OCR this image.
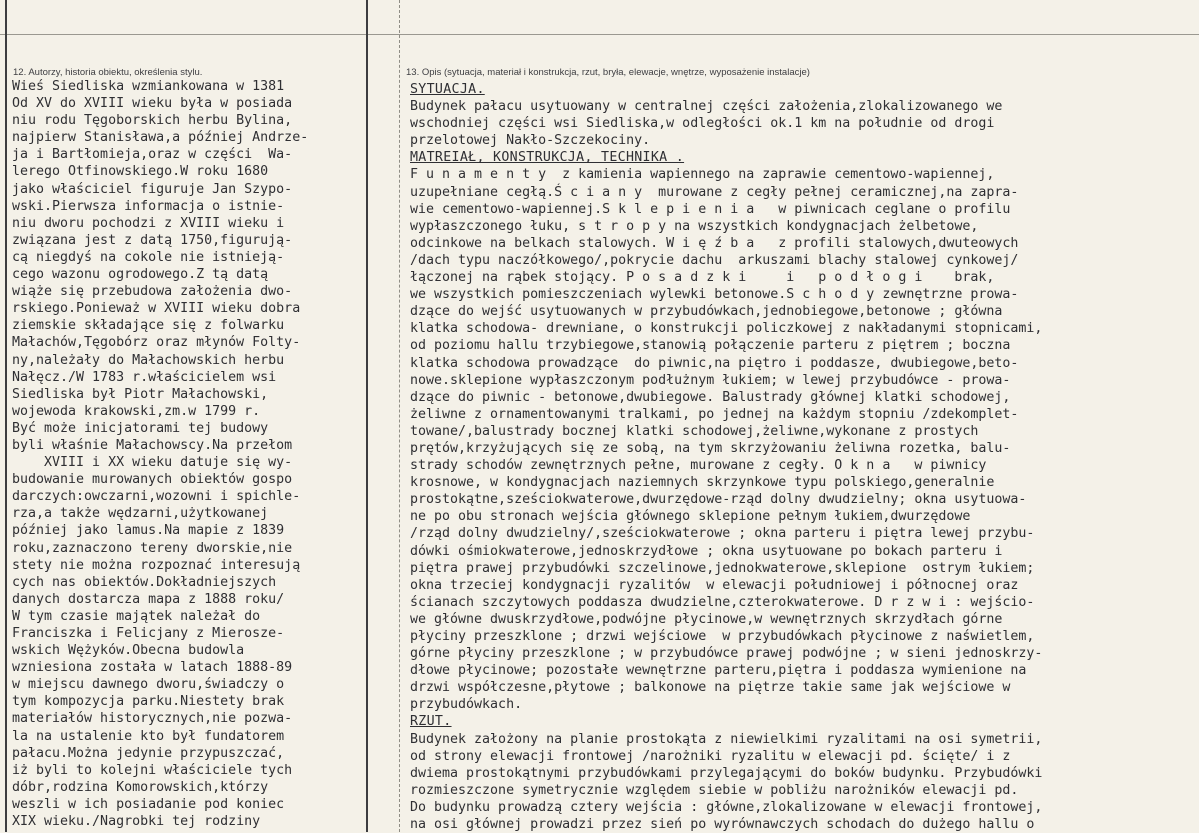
12. Autorzy, historia obiektu, określenia stylu.	13. Opis (sytuacja, materiał i konstrukcja, rzut, bryła, elewacje, wnętrze, wyposażenie instalacje)

Wieś Siedliska wzmiankowana w 1381
Od XV do XVIII wieku była w posiada
niu rodu Tęgoborskich herbu Bylina,
najpierw Stanisława,a później Andrze-
ja i Bartłomieja,oraz w części  Wa-
lerego Otfinowskiego.W roku 1680
jako właściciel figuruje Jan Szypo-
wski.Pierwsza informacja o istnie-
niu dworu pochodzi z XVIII wieku i
związana jest z datą 1750,figurują-
cą niegdyś na cokole nie istnieją-
cego wazonu ogrodowego.Z tą datą
wiąże się przebudowa założenia dwo-
rskiego.Ponieważ w XVIII wieku dobra
ziemskie składające się z folwarku
Małachów,Tęgobórz oraz młynów Folty-
ny,należały do Małachowskich herbu
Nałęcz./W 1783 r.właścicielem wsi
Siedliska był Piotr Małachowski,
wojewoda krakowski,zm.w 1799 r.
Być może inicjatorami tej budowy
byli właśnie Małachowscy.Na przełom
XVIII i XX wieku datuje się wy-
budowanie murowanych obiektów gospo
darczych:owczarni,wozowni i spichle-
rza,a także wędzarni,użytkowanej
później jako lamus.Na mapie z 1839
roku,zaznaczono tereny dworskie,nie
stety nie można rozpoznać interesują
cych nas obiektów.Dokładniejszych
danych dostarcza mapa z 1888 roku/
W tym czasie majątek należał do
Franciszka i Felicjany z Mierosze-
wskich Wężyków.Obecna budowla
wzniesiona została w latach 1888-89
w miejscu dawnego dworu,świadczy o
tym kompozycja parku.Niestety brak
materiałów historycznych,nie pozwa-
la na ustalenie kto był fundatorem
pałacu.Można jedynie przypuszczać,
iż byli to kolejni właściciele tych
dóbr,rodzina Komorowskich,którzy
weszli w ich posiadanie pod koniec
XIX wieku./Nagrobki tej rodziny
SYTUACJA.
Budynek pałacu usytuowany w centralnej części założenia,zlokalizowanego we
wschodniej części wsi Siedliska,w odległości ok.1 km na południe od drogi
przelotowej Nakło-Szczekociny.
MATREIAŁ, KONSTRUKCJA, TECHNIKA .
F u n a m e n t y  z kamienia wapiennego na zaprawie cementowo-wapiennej,
uzupełniane cegłą.Ś c i a n y  murowane z cegły pełnej ceramicznej,na zapra-
wie cementowo-wapiennej.S k l e p i e n i a   w piwnicach ceglane o profilu
wypłaszczonego łuku, s t r o p y na wszystkich kondygnacjach żelbetowe,
odcinkowe na belkach stalowych. W i ę ź b a   z profili stalowych,dwuteowych
/dach typu naczółkowego/,pokrycie dachu  arkuszami blachy stalowej cynkowej/
łączonej na rąbek stojący. P o s a d z k i     i   p o d ł o g i    brak,
we wszystkich pomieszczeniach wylewki betonowe.S c h o d y zewnętrzne prowa-
dzące do wejść usytuowanych w przybudówkach,jednobiegowe,betonowe ; główna
klatka schodowa- drewniane, o konstrukcji policzkowej z nakładanymi stopnicami,
od poziomu hallu trzybiegowe,stanowią połączenie parteru z piętrem ; boczna
klatka schodowa prowadzące  do piwnic,na piętro i poddasze, dwubiegowe,beto-
nowe.sklepione wypłaszczonym podłużnym łukiem; w lewej przybudówce - prowa-
dzące do piwnic - betonowe,dwubiegowe. Balustrady głównej klatki schodowej,
żeliwne z ornamentowanymi tralkami, po jednej na każdym stopniu /zdekomplet-
towane/,balustrady bocznej klatki schodowej,żeliwne,wykonane z prostych
prętów,krzyżujących się ze sobą, na tym skrzyżowaniu żeliwna rozetka, balu-
strady schodów zewnętrznych pełne, murowane z cegły. O k n a   w piwnicy
krosnowe, w kondygnacjach naziemnych skrzynkowe typu polskiego,generalnie
prostokątne,sześciokwaterowe,dwurzędowe-rząd dolny dwudzielny; okna usytuowa-
ne po obu stronach wejścia głównego sklepione pełnym łukiem,dwurzędowe
/rząd dolny dwudzielny/,sześciokwaterowe ; okna parteru i piętra lewej przybu-
dówki ośmiokwaterowe,jednoskrzydłowe ; okna usytuowane po bokach parteru i
piętra prawej przybudówki szczelinowe,jednokwaterowe,sklepione  ostrym łukiem;
okna trzeciej kondygnacji ryzalitów  w elewacji południowej i północnej oraz
ścianach szczytowych poddasza dwudzielne,czterokwaterowe. D r z w i : wejścio-
we główne dwuskrzydłowe,podwójne płycinowe,w wewnętrznych skrzydłach górne
płyciny przeszklone ; drzwi wejściowe  w przybudówkach płycinowe z naświetlem,
górne płyciny przeszklone ; w przybudówce prawej podwójne ; w sieni jednoskrzy-
dłowe płycinowe; pozostałe wewnętrzne parteru,piętra i poddasza wymienione na
drzwi współczesne,płytowe ; balkonowe na piętrze takie same jak wejściowe w
przybudówkach.
RZUT.
Budynek założony na planie prostokąta z niewielkimi ryzalitami na osi symetrii,
od strony elewacji frontowej /narożniki ryzalitu w elewacji pd. ścięte/ i z
dwiema prostokątnymi przybudówkami przylegającymi do boków budynku. Przybudówki
rozmieszczone symetrycznie względem siebie w pobliżu narożników elewacji pd.
Do budynku prowadzą cztery wejścia : główne,zlokalizowane w elewacji frontowej,
na osi głównej prowadzi przez sień po wyrównawczych schodach do dużego hallu o
